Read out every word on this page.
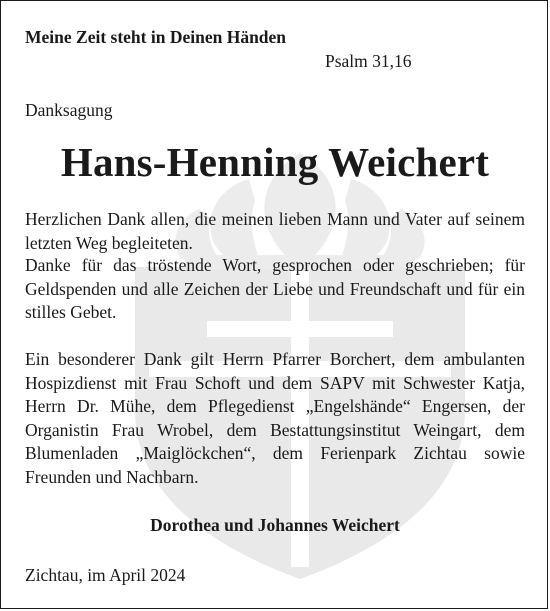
Meine Zeit steht in Deinen Händen

Psalm 31,16

Danksagung

Hans-Henning Weichert

Herzlichen Dank allen, die meinen lieben Mann und Vater auf seinem letzten Weg begleiteten.

Danke für das tröstende Wort, gesprochen oder geschrieben; für Geldspenden und alle Zeichen der Liebe und Freundschaft und für ein stilles Gebet.

Ein besonderer Dank gilt Herrn Pfarrer Borchert, dem ambulanten Hospizdienst mit Frau Schoft und dem SAPV mit Schwester Katja, Herrn Dr. Mühe, dem Pflegedienst „Engelshände“ Engersen, der Organistin Frau Wrobel, dem Bestattungsinstitut Weingart, dem Blumenladen „Maiglöckchen“, dem Ferienpark Zichtau sowie Freunden und Nachbarn.

Dorothea und Johannes Weichert

Zichtau, im April 2024
